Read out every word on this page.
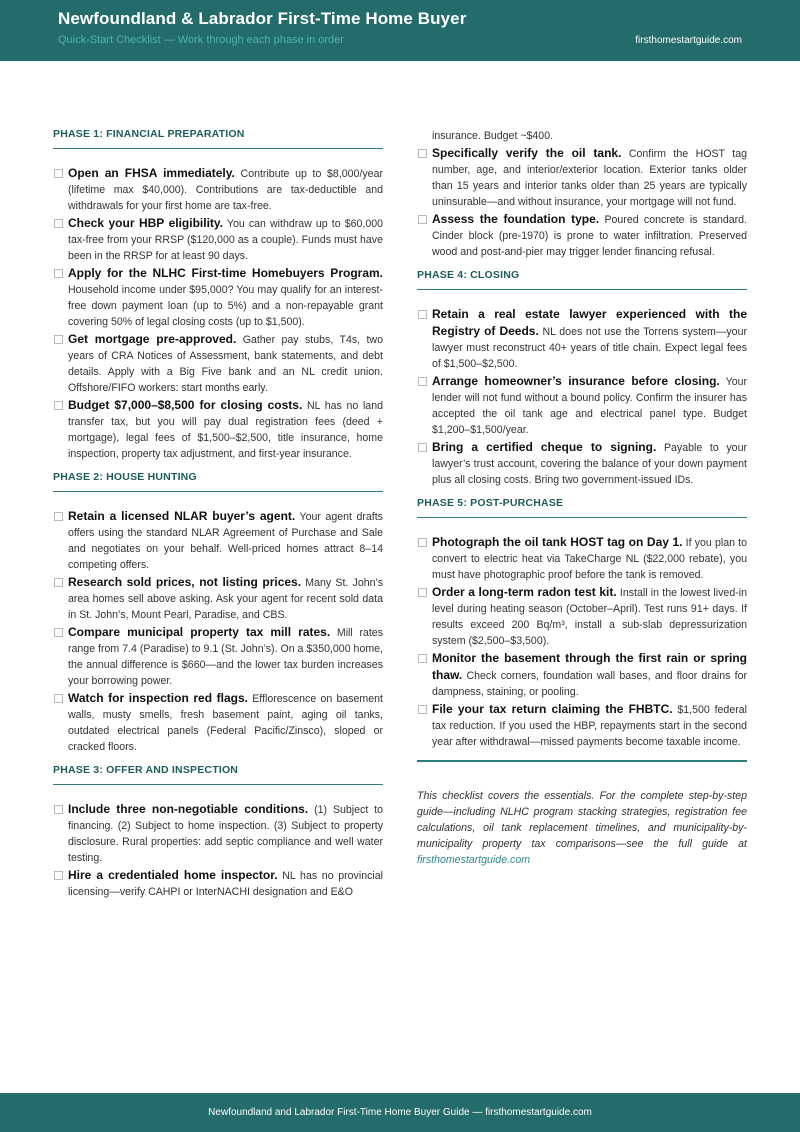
Newfoundland & Labrador First-Time Home Buyer
Quick-Start Checklist — Work through each phase in order	firsthomestartguide.com
PHASE 1: FINANCIAL PREPARATION
Open an FHSA immediately. Contribute up to $8,000/year (lifetime max $40,000). Contributions are tax-deductible and withdrawals for your first home are tax-free.
Check your HBP eligibility. You can withdraw up to $60,000 tax-free from your RRSP ($120,000 as a couple). Funds must have been in the RRSP for at least 90 days.
Apply for the NLHC First-time Homebuyers Program. Household income under $95,000? You may qualify for an interest-free down payment loan (up to 5%) and a non-repayable grant covering 50% of legal closing costs (up to $1,500).
Get mortgage pre-approved. Gather pay stubs, T4s, two years of CRA Notices of Assessment, bank statements, and debt details. Apply with a Big Five bank and an NL credit union. Offshore/FIFO workers: start months early.
Budget $7,000–$8,500 for closing costs. NL has no land transfer tax, but you will pay dual registration fees (deed + mortgage), legal fees of $1,500–$2,500, title insurance, home inspection, property tax adjustment, and first-year insurance.
PHASE 2: HOUSE HUNTING
Retain a licensed NLAR buyer’s agent. Your agent drafts offers using the standard NLAR Agreement of Purchase and Sale and negotiates on your behalf. Well-priced homes attract 8–14 competing offers.
Research sold prices, not listing prices. Many St. John’s area homes sell above asking. Ask your agent for recent sold data in St. John’s, Mount Pearl, Paradise, and CBS.
Compare municipal property tax mill rates. Mill rates range from 7.4 (Paradise) to 9.1 (St. John’s). On a $350,000 home, the annual difference is $660—and the lower tax burden increases your borrowing power.
Watch for inspection red flags. Efflorescence on basement walls, musty smells, fresh basement paint, aging oil tanks, outdated electrical panels (Federal Pacific/Zinsco), sloped or cracked floors.
PHASE 3: OFFER AND INSPECTION
Include three non-negotiable conditions. (1) Subject to financing. (2) Subject to home inspection. (3) Subject to property disclosure. Rural properties: add septic compliance and well water testing.
Hire a credentialed home inspector. NL has no provincial licensing—verify CAHPI or InterNACHI designation and E&O
insurance. Budget ~$400.
Specifically verify the oil tank. Confirm the HOST tag number, age, and interior/exterior location. Exterior tanks older than 15 years and interior tanks older than 25 years are typically uninsurable—and without insurance, your mortgage will not fund.
Assess the foundation type. Poured concrete is standard. Cinder block (pre-1970) is prone to water infiltration. Preserved wood and post-and-pier may trigger lender financing refusal.
PHASE 4: CLOSING
Retain a real estate lawyer experienced with the Registry of Deeds. NL does not use the Torrens system—your lawyer must reconstruct 40+ years of title chain. Expect legal fees of $1,500–$2,500.
Arrange homeowner’s insurance before closing. Your lender will not fund without a bound policy. Confirm the insurer has accepted the oil tank age and electrical panel type. Budget $1,200–$1,500/year.
Bring a certified cheque to signing. Payable to your lawyer’s trust account, covering the balance of your down payment plus all closing costs. Bring two government-issued IDs.
PHASE 5: POST-PURCHASE
Photograph the oil tank HOST tag on Day 1. If you plan to convert to electric heat via TakeCharge NL ($22,000 rebate), you must have photographic proof before the tank is removed.
Order a long-term radon test kit. Install in the lowest lived-in level during heating season (October–April). Test runs 91+ days. If results exceed 200 Bq/m³, install a sub-slab depressurization system ($2,500–$3,500).
Monitor the basement through the first rain or spring thaw. Check corners, foundation wall bases, and floor drains for dampness, staining, or pooling.
File your tax return claiming the FHBTC. $1,500 federal tax reduction. If you used the HBP, repayments start in the second year after withdrawal—missed payments become taxable income.
This checklist covers the essentials. For the complete step-by-step guide—including NLHC program stacking strategies, registration fee calculations, oil tank replacement timelines, and municipality-by-municipality property tax comparisons—see the full guide at firsthomestartguide.com
Newfoundland and Labrador First-Time Home Buyer Guide — firsthomestartguide.com
